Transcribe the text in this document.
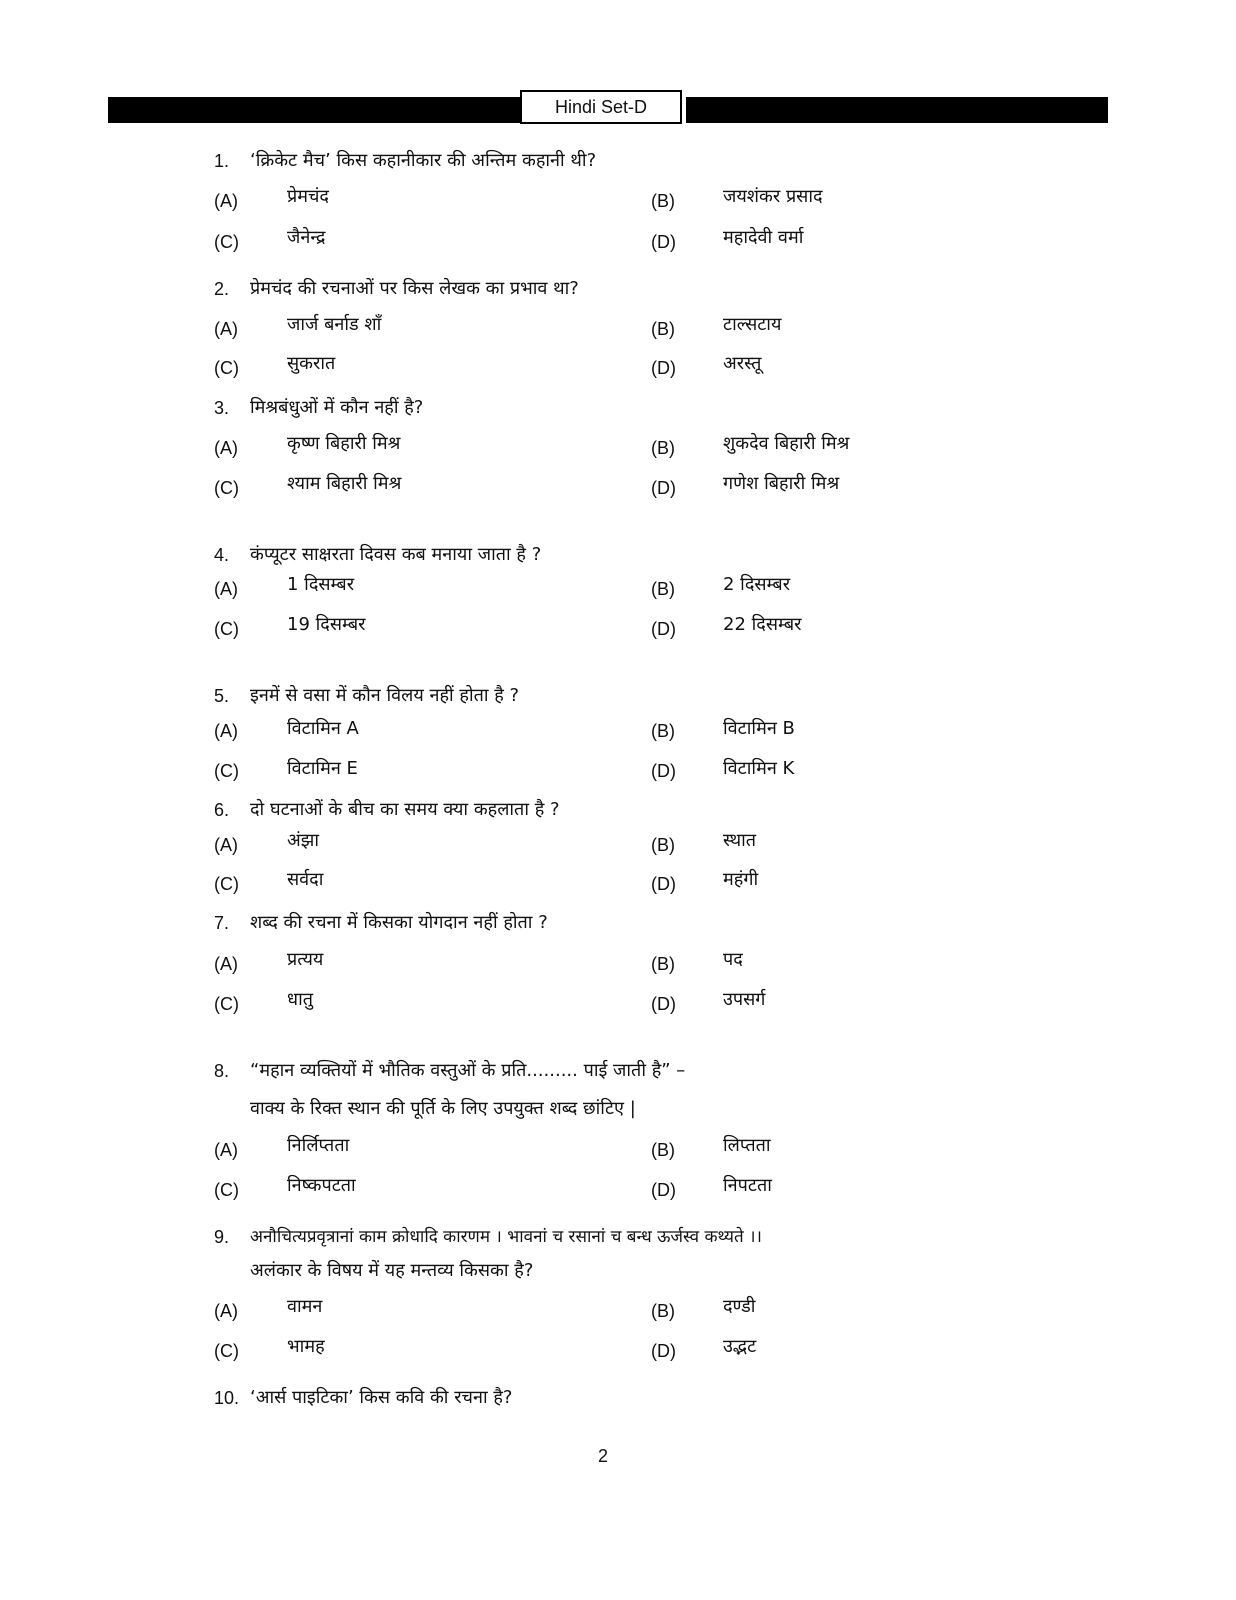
Hindi Set-D
1. ‘क्रिकेट मैच’ किस कहानीकार की अन्तिम कहानी थी?
(A)	प्रेमचंद	(B)	जयशंकर प्रसाद
(C)	जैनेन्द्र	(D)	महादेवी वर्मा
2. प्रेमचंद की रचनाओं पर किस लेखक का प्रभाव था?
(A)	जार्ज बर्नाड शॉं	(B)	टाल्सटाय
(C)	सुकरात	(D)	अरस्तू
3. मिश्रबंधुओं में कौन नहीं है?
(A)	कृष्ण बिहारी मिश्र	(B)	शुकदेव बिहारी मिश्र
(C)	श्याम बिहारी मिश्र	(D)	गणेश बिहारी मिश्र
4. कंप्यूटर साक्षरता दिवस कब मनाया जाता है ?
(A)	1 दिसम्बर	(B)	2 दिसम्बर
(C)	19 दिसम्बर	(D)	22 दिसम्बर
5. इनमें से वसा में कौन विलय नहीं होता है ?
(A)	विटामिन A	(B)	विटामिन B
(C)	विटामिन E	(D)	विटामिन K
6. दो घटनाओं के बीच का समय क्या कहलाता है ?
(A)	अंझा	(B)	स्थात
(C)	सर्वदा	(D)	महंगी
7. शब्द की रचना में किसका योगदान नहीं होता ?
(A)	प्रत्यय	(B)	पद
(C)	धातु	(D)	उपसर्ग
8. “महान व्यक्तियों में भौतिक वस्तुओं के प्रति......... पाई जाती है” –
वाक्य के रिक्त स्थान की पूर्ति के लिए उपयुक्त शब्द छांटिए |
(A)	निर्लिप्तता	(B)	लिप्तता
(C)	निष्कपटता	(D)	निपटता
9. अनौचित्यप्रवृत्रानां काम क्रोधादि कारणम । भावनां च रसानां च बन्ध ऊर्जस्व कथ्यते ।।
अलंकार के विषय में यह मन्तव्य किसका है?
(A)	वामन	(B)	दण्डी
(C)	भामह	(D)	उद्भट
10. ‘आर्स पाइटिका’ किस कवि की रचना है?
2
